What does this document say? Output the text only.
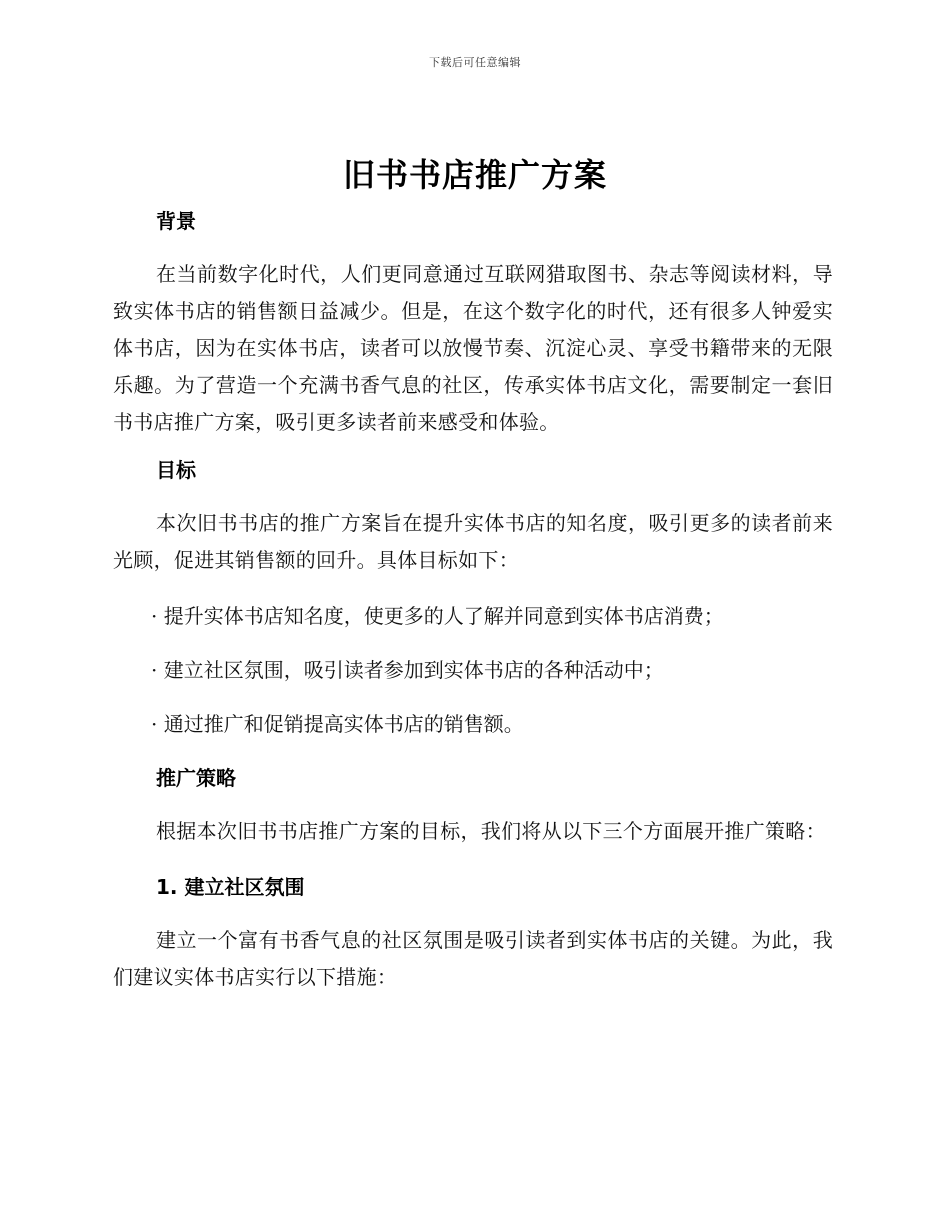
下载后可任意编辑
旧书书店推广方案

背景

在当前数字化时代，人们更同意通过互联网猎取图书、杂志等阅读材料，导致实体书店的销售额日益减少。但是，在这个数字化的时代，还有很多人钟爱实体书店，因为在实体书店，读者可以放慢节奏、沉淀心灵、享受书籍带来的无限乐趣。为了营造一个充满书香气息的社区，传承实体书店文化，需要制定一套旧书书店推广方案，吸引更多读者前来感受和体验。

目标

本次旧书书店的推广方案旨在提升实体书店的知名度，吸引更多的读者前来光顾，促进其销售额的回升。具体目标如下：

· 提升实体书店知名度，使更多的人了解并同意到实体书店消费；

· 建立社区氛围，吸引读者参加到实体书店的各种活动中；

· 通过推广和促销提高实体书店的销售额。

推广策略

根据本次旧书书店推广方案的目标，我们将从以下三个方面展开推广策略：

1. 建立社区氛围

建立一个富有书香气息的社区氛围是吸引读者到实体书店的关键。为此，我们建议实体书店实行以下措施：
